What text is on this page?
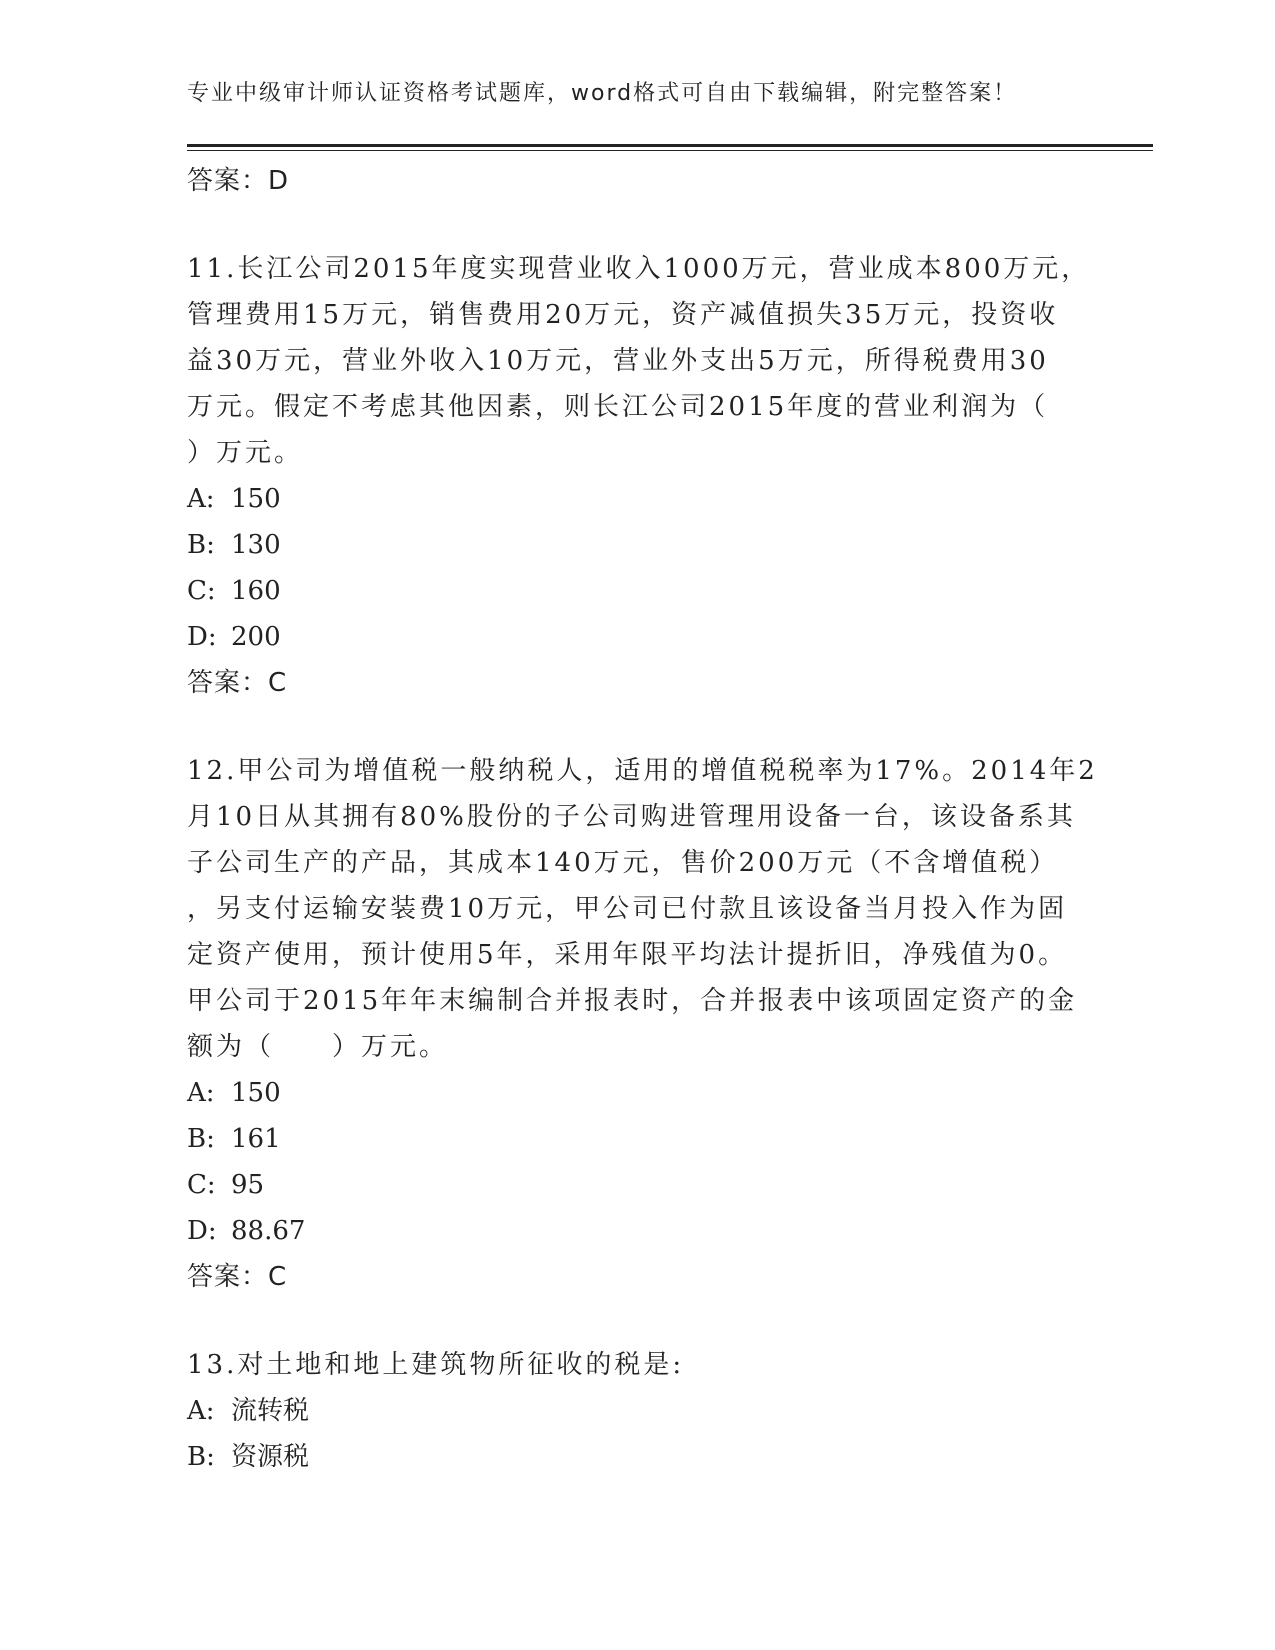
专业中级审计师认证资格考试题库，word格式可自由下载编辑，附完整答案！
答案：D
11.长江公司2015年度实现营业收入1000万元，营业成本800万元，
管理费用15万元，销售费用20万元，资产减值损失35万元，投资收
益30万元，营业外收入10万元，营业外支出5万元，所得税费用30
万元。假定不考虑其他因素，则长江公司2015年度的营业利润为（
）万元。
A: 150
B: 130
C: 160
D: 200
答案：C
12.甲公司为增值税一般纳税人，适用的增值税税率为17%。2014年2
月10日从其拥有80%股份的子公司购进管理用设备一台，该设备系其
子公司生产的产品，其成本140万元，售价200万元（不含增值税）
，另支付运输安装费10万元，甲公司已付款且该设备当月投入作为固
定资产使用，预计使用5年，采用年限平均法计提折旧，净残值为0。
甲公司于2015年年末编制合并报表时，合并报表中该项固定资产的金
额为（　　）万元。
A: 150
B: 161
C: 95
D: 88.67
答案：C
13.对土地和地上建筑物所征收的税是:
A: 流转税
B: 资源税
